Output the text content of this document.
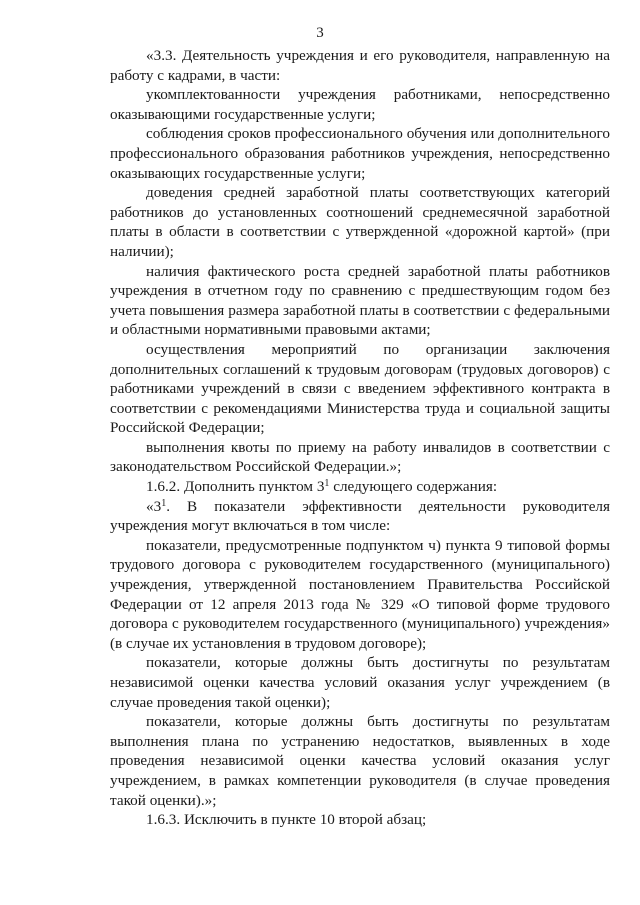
3

«3.3. Деятельность учреждения и его руководителя, направленную на работу с кадрами, в части:

укомплектованности учреждения работниками, непосредственно оказывающими государственные услуги;

соблюдения сроков профессионального обучения или дополнительного профессионального образования работников учреждения, непосредственно оказывающих государственные услуги;

доведения средней заработной платы соответствующих категорий работников до установленных соотношений среднемесячной заработной платы в области в соответствии с утвержденной «дорожной картой» (при наличии);

наличия фактического роста средней заработной платы работников учреждения в отчетном году по сравнению с предшествующим годом без учета повышения размера заработной платы в соответствии с федеральными и областными нормативными правовыми актами;

осуществления мероприятий по организации заключения дополнительных соглашений к трудовым договорам (трудовых договоров) с работниками учреждений в связи с введением эффективного контракта в соответствии с рекомендациями Министерства труда и социальной защиты Российской Федерации;

выполнения квоты по приему на работу инвалидов в соответствии с законодательством Российской Федерации.»;

1.6.2. Дополнить пунктом $3^1$ следующего содержания:

«$3^1$. В показатели эффективности деятельности руководителя учреждения могут включаться в том числе:

показатели, предусмотренные подпунктом ч) пункта 9 типовой формы трудового договора с руководителем государственного (муниципального) учреждения, утвержденной постановлением Правительства Российской Федерации от 12 апреля 2013 года № 329 «О типовой форме трудового договора с руководителем государственного (муниципального) учреждения» (в случае их установления в трудовом договоре);

показатели, которые должны быть достигнуты по результатам независимой оценки качества условий оказания услуг учреждением (в случае проведения такой оценки);

показатели, которые должны быть достигнуты по результатам выполнения плана по устранению недостатков, выявленных в ходе проведения независимой оценки качества условий оказания услуг учреждением, в рамках компетенции руководителя (в случае проведения такой оценки).»;

1.6.3. Исключить в пункте 10 второй абзац;
